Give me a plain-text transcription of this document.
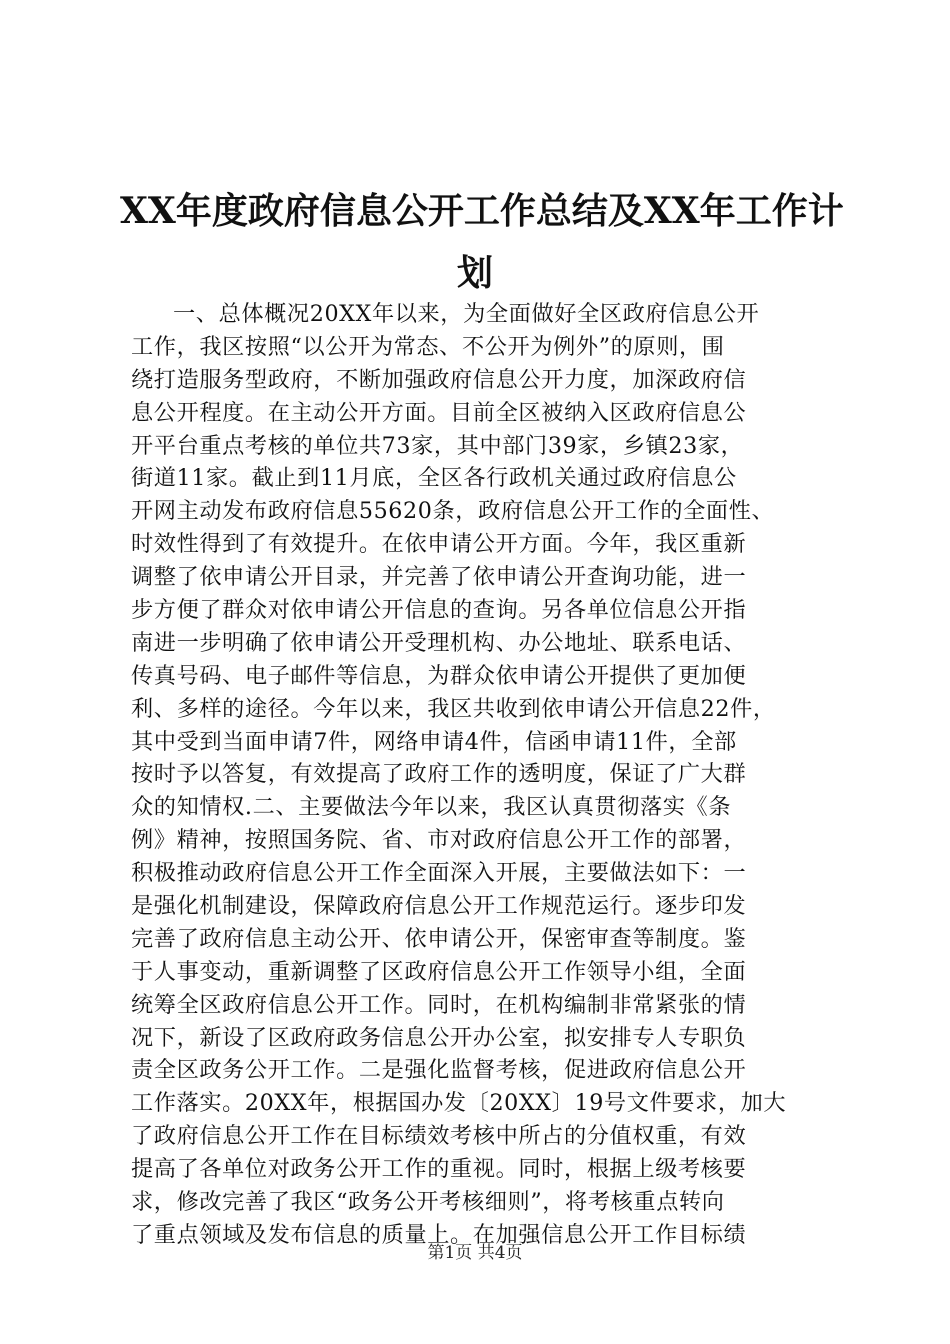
XX年度政府信息公开工作总结及XX年工作计
划
一、总体概况20XX年以来，为全面做好全区政府信息公开
工作，我区按照“以公开为常态、不公开为例外”的原则，围
绕打造服务型政府，不断加强政府信息公开力度，加深政府信
息公开程度。在主动公开方面。目前全区被纳入区政府信息公
开平台重点考核的单位共73家，其中部门39家，乡镇23家，
街道11家。截止到11月底，全区各行政机关通过政府信息公
开网主动发布政府信息55620条，政府信息公开工作的全面性、
时效性得到了有效提升。在依申请公开方面。今年，我区重新
调整了依申请公开目录，并完善了依申请公开查询功能，进一
步方便了群众对依申请公开信息的查询。另各单位信息公开指
南进一步明确了依申请公开受理机构、办公地址、联系电话、
传真号码、电子邮件等信息，为群众依申请公开提供了更加便
利、多样的途径。今年以来，我区共收到依申请公开信息22件，
其中受到当面申请7件，网络申请4件，信函申请11件，全部
按时予以答复，有效提高了政府工作的透明度，保证了广大群
众的知情权.二、主要做法今年以来，我区认真贯彻落实《条
例》精神，按照国务院、省、市对政府信息公开工作的部署，
积极推动政府信息公开工作全面深入开展，主要做法如下：一
是强化机制建设，保障政府信息公开工作规范运行。逐步印发
完善了政府信息主动公开、依申请公开，保密审查等制度。鉴
于人事变动，重新调整了区政府信息公开工作领导小组，全面
统筹全区政府信息公开工作。同时，在机构编制非常紧张的情
况下，新设了区政府政务信息公开办公室，拟安排专人专职负
责全区政务公开工作。二是强化监督考核，促进政府信息公开
工作落实。20XX年，根据国办发〔20XX〕19号文件要求，加大
了政府信息公开工作在目标绩效考核中所占的分值权重，有效
提高了各单位对政务公开工作的重视。同时，根据上级考核要
求，修改完善了我区“政务公开考核细则”，将考核重点转向
了重点领域及发布信息的质量上。在加强信息公开工作目标绩
第1页 共4页
